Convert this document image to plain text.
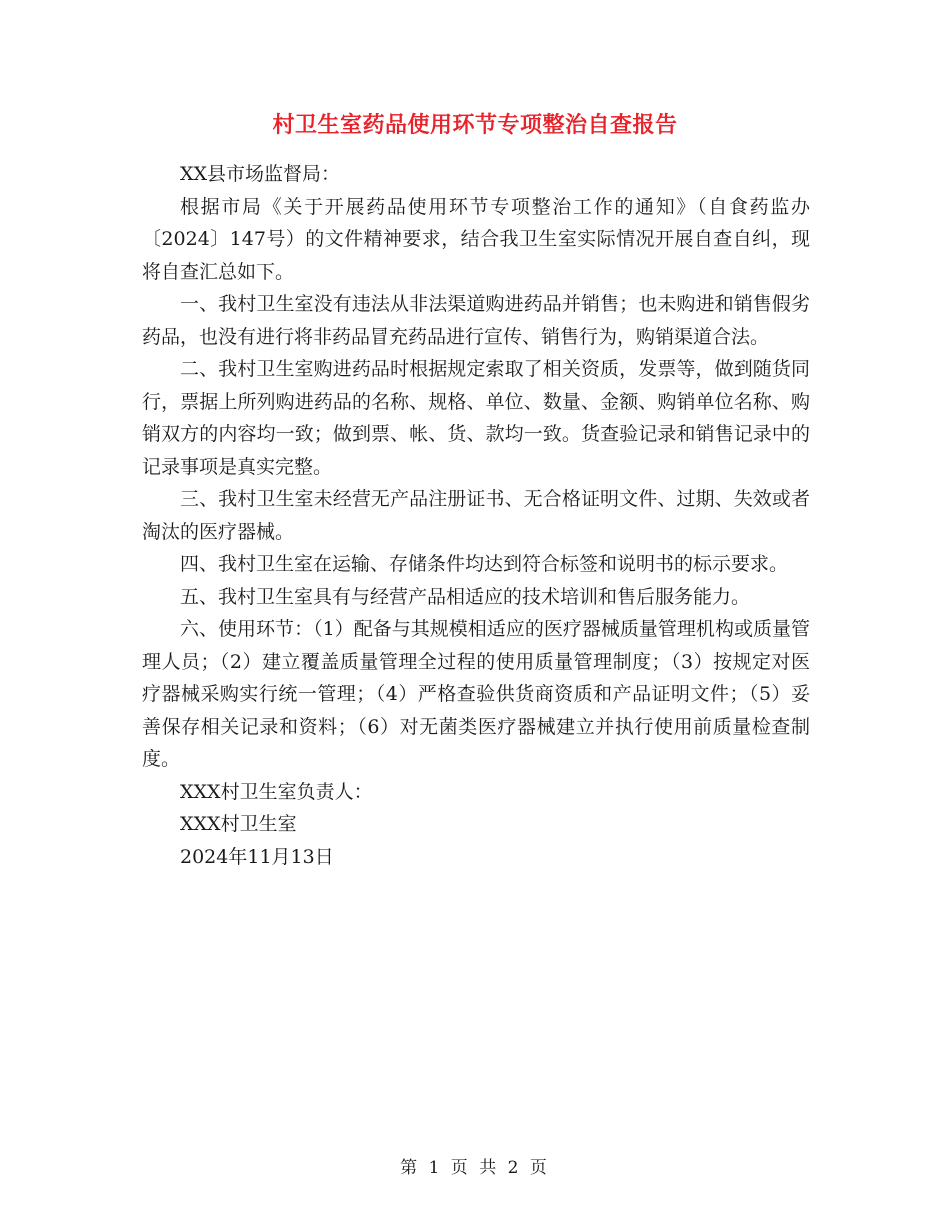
村卫生室药品使用环节专项整治自查报告

XX县市场监督局：

根据市局《关于开展药品使用环节专项整治工作的通知》（自食药监办〔2024〕147号）的文件精神要求，结合我卫生室实际情况开展自查自纠，现将自查汇总如下。

一、我村卫生室没有违法从非法渠道购进药品并销售；也未购进和销售假劣药品，也没有进行将非药品冒充药品进行宣传、销售行为，购销渠道合法。

二、我村卫生室购进药品时根据规定索取了相关资质，发票等，做到随货同行，票据上所列购进药品的名称、规格、单位、数量、金额、购销单位名称、购销双方的内容均一致；做到票、帐、货、款均一致。货查验记录和销售记录中的记录事项是真实完整。

三、我村卫生室未经营无产品注册证书、无合格证明文件、过期、失效或者淘汰的医疗器械。

四、我村卫生室在运输、存储条件均达到符合标签和说明书的标示要求。

五、我村卫生室具有与经营产品相适应的技术培训和售后服务能力。

六、使用环节：（1）配备与其规模相适应的医疗器械质量管理机构或质量管理人员；（2）建立覆盖质量管理全过程的使用质量管理制度；（3）按规定对医疗器械采购实行统一管理；（4）严格查验供货商资质和产品证明文件；（5）妥善保存相关记录和资料；（6）对无菌类医疗器械建立并执行使用前质量检查制度。

XXX村卫生室负责人：

XXX村卫生室

2024年11月13日

第 1 页 共 2 页
